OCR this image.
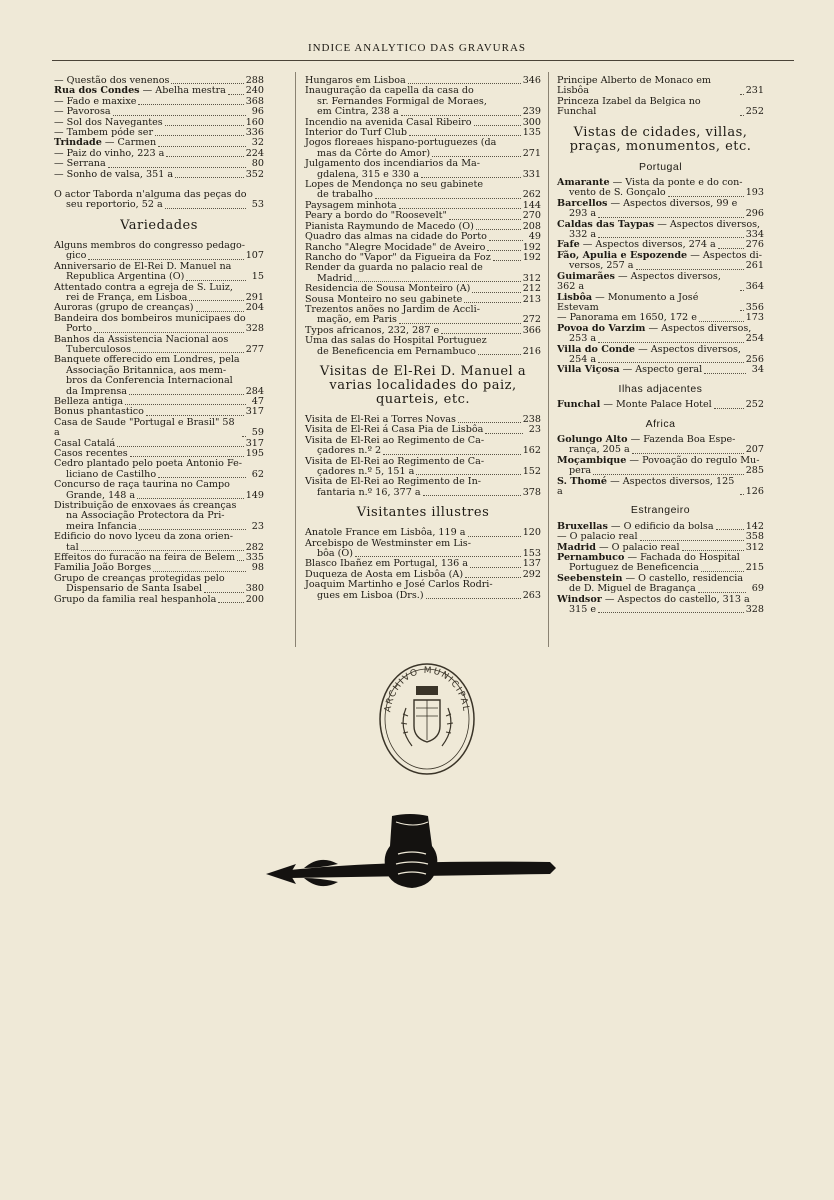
INDICE ANALYTICO DAS GRAVURAS
— Questão dos venenos	288
Rua dos Condes — Abelha mestra 240
— Fado e maxixe	368
— Pavorosa	96
— Sol dos Navegantes	160
— Tambem póde ser	336
Trindade — Carmen	32
— Paiz do vinho, 223 a	224
— Serrana	80
— Sonho de valsa, 351 a	352
O actor Taborda n'alguma das peças do
seu reportorio, 52 a	53
Variedades
Alguns membros do congresso pedago-
gico	107
Anniversario de El-Rei D. Manuel na
Republica Argentina (O)	15
Attentado contra a egreja de S. Luiz,
rei de França, em Lisboa	291
Auroras (grupo de creanças)	204
Bandeira dos bombeiros municipaes do
Porto	328
Banhos da Assistencia Nacional aos
Tuberculosos	277
Banquete offerecido em Londres, pela
Associação Britannica, aos mem-
bros da Conferencia Internacional
da Imprensa	284
Belleza antiga	47
Bonus phantastico	317
Casa de Saude "Portugal e Brasil" 58 a	59
Casal Catalá	317
Casos recentes	195
Cedro plantado pelo poeta Antonio Fe-
liciano de Castilho	62
Concurso de raça taurina no Campo
Grande, 148 a	149
Distribuição de enxovaes ás creanças
na Associação Protectora da Pri-
meira Infancia	23
Edificio do novo lyceu da zona orien-
tal	282
Effeitos do furacão na feira de Belem 335
Familia João Borges	98
Grupo de creanças protegidas pelo
Dispensario de Santa Isabel	380
Grupo da familia real hespanhola	200
Hungaros em Lisboa	346
Inauguração da capella da casa do
sr. Fernandes Formigal de Moraes,
em Cintra, 238 a	239
Incendio na avenida Casal Ribeiro	300
Interior do Turf Club	135
Jogos floreaes hispano-portuguezes (da
mas da Côrte do Amor)	271
Julgamento dos incendiarios da Ma-
gdalena, 315 e 330 a	331
Lopes de Mendonça no seu gabinete
de trabalho	262
Paysagem minhota	144
Peary a bordo do "Roosevelt"	270
Pianista Raymundo de Macedo (O)	208
Quadro das almas na cidade do Porto	49
Rancho "Alegre Mocidade" de Aveiro	192
Rancho do "Vapor" da Figueira da Foz	192
Render da guarda no palacio real de
Madrid	312
Residencia de Sousa Monteiro (A)	212
Sousa Monteiro no seu gabinete	213
Trezentos anões no Jardim de Accli-
mação, em Paris	272
Typos africanos, 232, 287 e	366
Uma das salas do Hospital Portuguez
de Beneficencia em Pernambuco	216
Visitas de El-Rei D. Manuel a varias localidades do paiz, quarteis, etc.
Visita de El-Rei a Torres Novas	238
Visita de El-Rei á Casa Pia de Lisbôa	23
Visita de El-Rei ao Regimento de Ca-
çadores n.º 2	162
Visita de El-Rei ao Regimento de Ca-
çadores n.º 5, 151 a	152
Visita de El-Rei ao Regimento de In-
fantaria n.º 16, 377 a	378
Visitantes illustres
Anatole France em Lisbôa, 119 a	120
Arcebispo de Westminster em Lis-
bôa (O)	153
Blasco Ibañez em Portugal, 136 a	137
Duqueza de Aosta em Lisbôa (A)	292
Joaquim Martinho e José Carlos Rodri-
gues em Lisboa (Drs.)	263
Principe Alberto de Monaco em Lisbôa	231
Princeza Izabel da Belgica no Funchal	252
Vistas de cidades, villas, praças, monumentos, etc.
Portugal
Amarante — Vista da ponte e do con-
vento de S. Gonçalo	193
Barcellos — Aspectos diversos, 99 e
293 a	296
Caldas das Taypas — Aspectos diversos,
332 a	334
Fafe — Aspectos diversos, 274 a	276
Fão, Apulia e Espozende — Aspectos di-
versos, 257 a	261
Guimarães — Aspectos diversos, 362 a	364
Lisbôa — Monumento a José Estevam	356
— Panorama em 1650, 172 e	173
Povoa do Varzim — Aspectos diversos,
253 a	254
Villa do Conde — Aspectos diversos,
254 a	256
Villa Viçosa — Aspecto geral	34
Ilhas adjacentes
Funchal — Monte Palace Hotel	252
Africa
Golungo Alto — Fazenda Boa Espe-
rança, 205 a	207
Moçambique — Povoação do regulo Mu-
pera	285
S. Thomé — Aspectos diversos, 125 a	126
Estrangeiro
Bruxellas — O edificio da bolsa	142
— O palacio real	358
Madrid — O palacio real	312
Pernambuco — Fachada do Hospital
Portuguez de Beneficencia	215
Seebenstein — O castello, residencia
de D. Miguel de Bragança	69
Windsor — Aspectos do castello, 313 a
315 e	328
ARCHIVO MUNICIPAL
